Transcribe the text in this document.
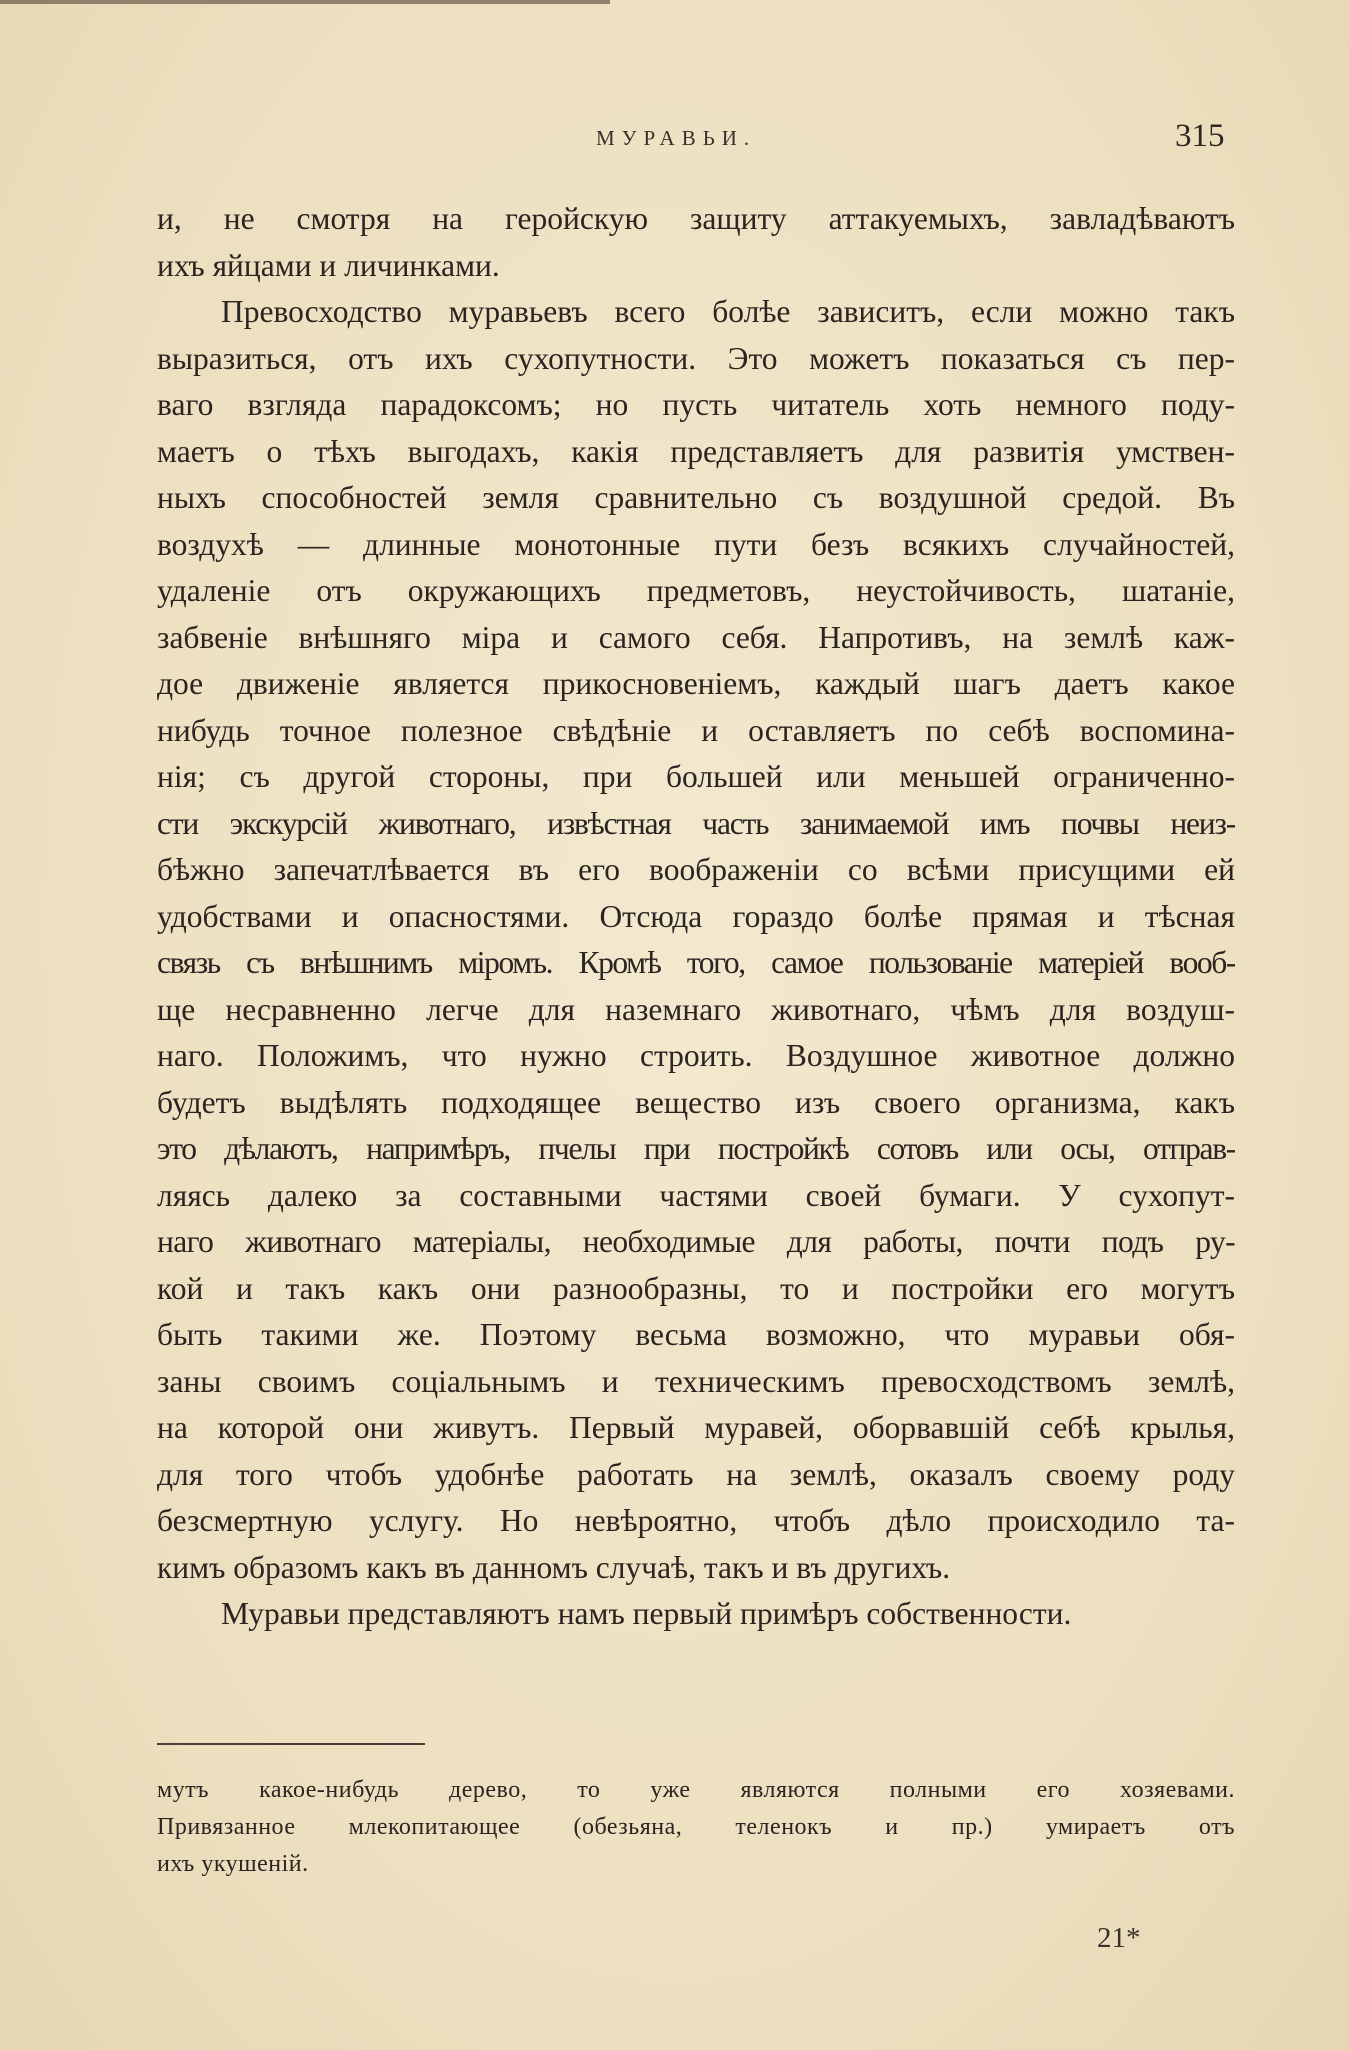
МУРАВЬИ.	315
и, не смотря на геройскую защиту аттакуемыхъ, завладѣваютъ
ихъ яйцами и личинками.
Превосходство муравьевъ всего болѣе зависитъ, если можно такъ
выразиться, отъ ихъ сухопутности. Это можетъ показаться съ пер-
ваго взгляда парадоксомъ; но пусть читатель хоть немного поду-
маетъ о тѣхъ выгодахъ, какія представляетъ для развитія умствен-
ныхъ способностей земля сравнительно съ воздушной средой. Въ
воздухѣ — длинные монотонные пути безъ всякихъ случайностей,
удаленіе отъ окружающихъ предметовъ, неустойчивость, шатаніе,
забвеніе внѣшняго міра и самого себя. Напротивъ, на землѣ каж-
дое движеніе является прикосновеніемъ, каждый шагъ даетъ какое
нибудь точное полезное свѣдѣніе и оставляетъ по себѣ воспомина-
нія; съ другой стороны, при большей или меньшей ограниченно-
сти экскурсій животнаго, извѣстная часть занимаемой имъ почвы неиз-
бѣжно запечатлѣвается въ его воображеніи со всѣми присущими ей
удобствами и опасностями. Отсюда гораздо болѣе прямая и тѣсная
связь съ внѣшнимъ міромъ. Кромѣ того, самое пользованіе матеріей вооб-
ще несравненно легче для наземнаго животнаго, чѣмъ для воздуш-
наго. Положимъ, что нужно строить. Воздушное животное должно
будетъ выдѣлять подходящее вещество изъ своего организма, какъ
это дѣлаютъ, напримѣръ, пчелы при постройкѣ сотовъ или осы, отправ-
ляясь далеко за составными частями своей бумаги. У сухопут-
наго животнаго матеріалы, необходимые для работы, почти подъ ру-
кой и такъ какъ они разнообразны, то и постройки его могутъ
быть такими же. Поэтому весьма возможно, что муравьи обя-
заны своимъ соціальнымъ и техническимъ превосходствомъ землѣ,
на которой они живутъ. Первый муравей, оборвавшій себѣ крылья,
для того чтобъ удобнѣе работать на землѣ, оказалъ своему роду
безсмертную услугу. Но невѣроятно, чтобъ дѣло происходило та-
кимъ образомъ какъ въ данномъ случаѣ, такъ и въ другихъ.
Муравьи представляютъ намъ первый примѣръ собственности.
мутъ какое-нибудь дерево, то уже являются полными его хозяевами.
Привязанное млекопитающее (обезьяна, теленокъ и пр.) умираетъ отъ
ихъ укушеній.
21*
